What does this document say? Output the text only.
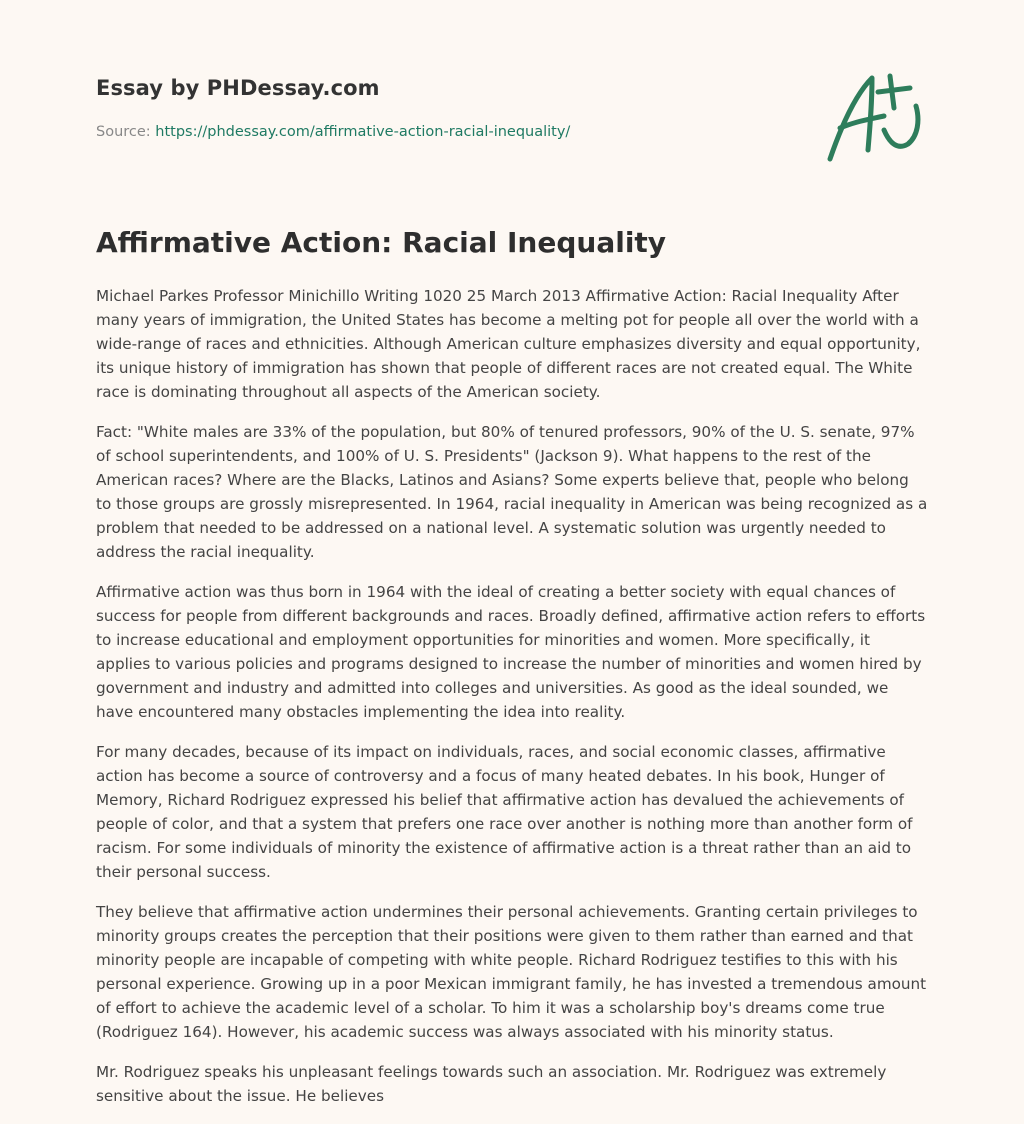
Essay by PHDessay.com
Source: https://phdessay.com/affirmative-action-racial-inequality/
Affirmative Action: Racial Inequality

Michael Parkes Professor Minichillo Writing 1020 25 March 2013 Affirmative Action: Racial Inequality After many years of immigration, the United States has become a melting pot for people all over the world with a wide-range of races and ethnicities. Although American culture emphasizes diversity and equal opportunity, its unique history of immigration has shown that people of different races are not created equal. The White race is dominating throughout all aspects of the American society.

Fact: "White males are 33% of the population, but 80% of tenured professors, 90% of the U. S. senate, 97% of school superintendents, and 100% of U. S. Presidents" (Jackson 9). What happens to the rest of the American races? Where are the Blacks, Latinos and Asians? Some experts believe that, people who belong to those groups are grossly misrepresented. In 1964, racial inequality in American was being recognized as a problem that needed to be addressed on a national level. A systematic solution was urgently needed to address the racial inequality.

Affirmative action was thus born in 1964 with the ideal of creating a better society with equal chances of success for people from different backgrounds and races. Broadly defined, affirmative action refers to efforts to increase educational and employment opportunities for minorities and women. More specifically, it applies to various policies and programs designed to increase the number of minorities and women hired by government and industry and admitted into colleges and universities. As good as the ideal sounded, we have encountered many obstacles implementing the idea into reality.

For many decades, because of its impact on individuals, races, and social economic classes, affirmative action has become a source of controversy and a focus of many heated debates. In his book, Hunger of Memory, Richard Rodriguez expressed his belief that affirmative action has devalued the achievements of people of color, and that a system that prefers one race over another is nothing more than another form of racism. For some individuals of minority the existence of affirmative action is a threat rather than an aid to their personal success.

They believe that affirmative action undermines their personal achievements. Granting certain privileges to minority groups creates the perception that their positions were given to them rather than earned and that minority people are incapable of competing with white people. Richard Rodriguez testifies to this with his personal experience. Growing up in a poor Mexican immigrant family, he has invested a tremendous amount of effort to achieve the academic level of a scholar. To him it was a scholarship boy's dreams come true (Rodriguez 164). However, his academic success was always associated with his minority status.

Mr. Rodriguez speaks his unpleasant feelings towards such an association. Mr. Rodriguez was extremely sensitive about the issue. He believes
